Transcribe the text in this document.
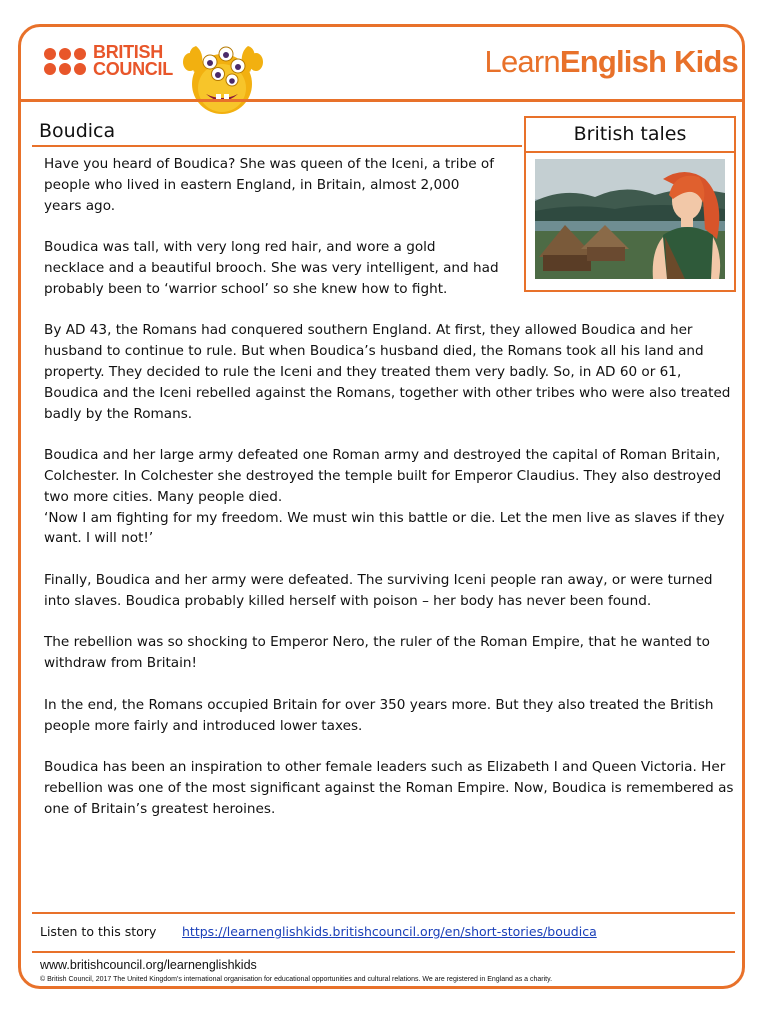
BRITISH
COUNCIL	LearnEnglish Kids
Boudica	British tales

Have you heard of Boudica? She was queen of the Iceni, a tribe of people who lived in eastern England, in Britain, almost 2,000 years ago.

Boudica was tall, with very long red hair, and wore a gold necklace and a beautiful brooch. She was very intelligent, and had probably been to ‘warrior school’ so she knew how to fight.

By AD 43, the Romans had conquered southern England. At first, they allowed Boudica and her husband to continue to rule. But when Boudica’s husband died, the Romans took all his land and property. They decided to rule the Iceni and they treated them very badly. So, in AD 60 or 61, Boudica and the Iceni rebelled against the Romans, together with other tribes who were also treated badly by the Romans.

Boudica and her large army defeated one Roman army and destroyed the capital of Roman Britain, Colchester. In Colchester she destroyed the temple built for Emperor Claudius. They also destroyed two more cities. Many people died.

‘Now I am fighting for my freedom. We must win this battle or die. Let the men live as slaves if they want. I will not!’

Finally, Boudica and her army were defeated. The surviving Iceni people ran away, or were turned into slaves. Boudica probably killed herself with poison – her body has never been found.

The rebellion was so shocking to Emperor Nero, the ruler of the Roman Empire, that he wanted to withdraw from Britain!

In the end, the Romans occupied Britain for over 350 years more. But they also treated the British people more fairly and introduced lower taxes.

Boudica has been an inspiration to other female leaders such as Elizabeth I and Queen Victoria. Her rebellion was one of the most significant against the Roman Empire. Now, Boudica is remembered as one of Britain’s greatest heroines.

Listen to this story https://learnenglishkids.britishcouncil.org/en/short-stories/boudica
www.britishcouncil.org/learnenglishkids
© British Council, 2017 The United Kingdom’s international organisation for educational opportunities and cultural relations. We are registered in England as a charity.
